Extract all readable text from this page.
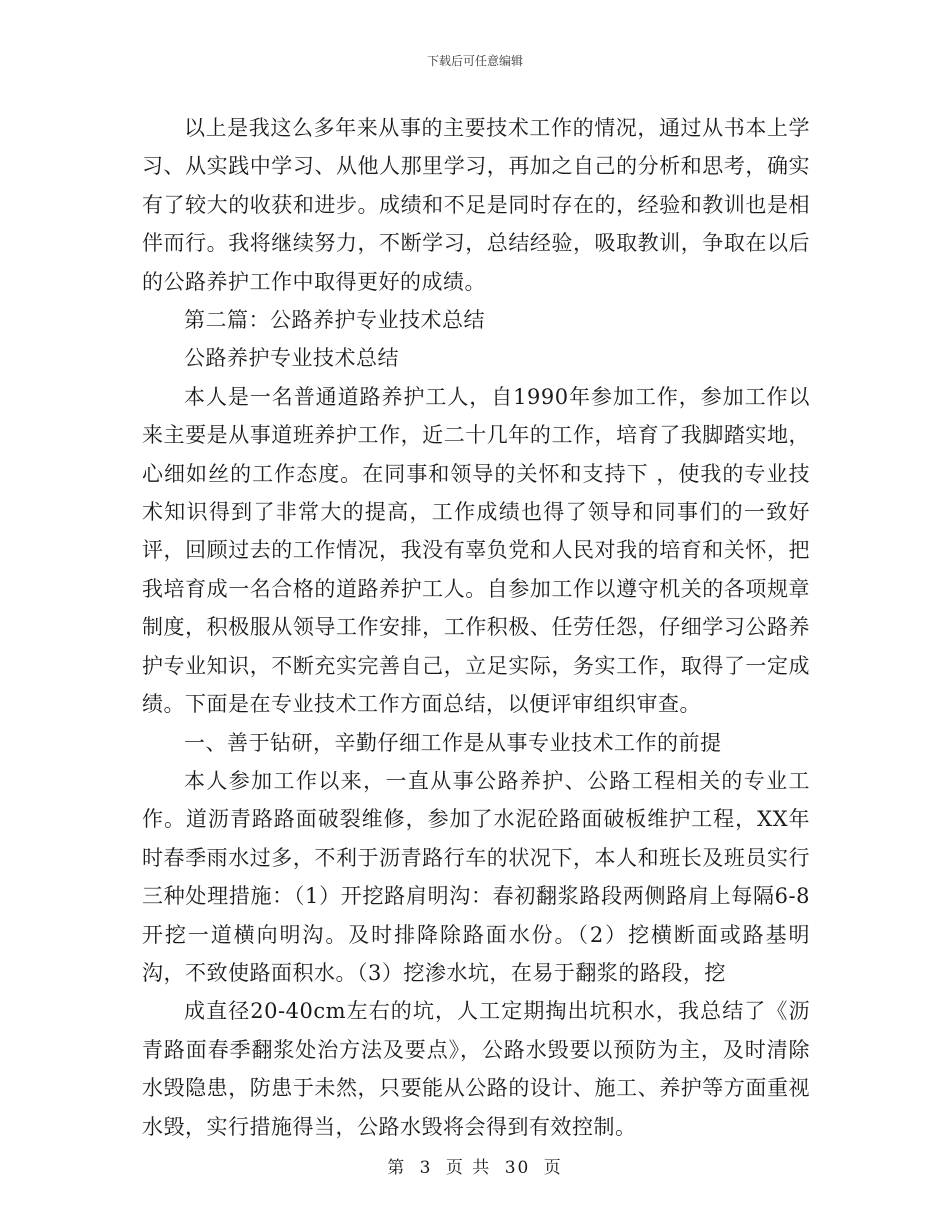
下载后可任意编辑

以上是我这么多年来从事的主要技术工作的情况，通过从书本上学习、从实践中学习、从他人那里学习，再加之自己的分析和思考，确实有了较大的收获和进步。成绩和不足是同时存在的，经验和教训也是相伴而行。我将继续努力，不断学习，总结经验，吸取教训，争取在以后的公路养护工作中取得更好的成绩。

第二篇：公路养护专业技术总结

公路养护专业技术总结

本人是一名普通道路养护工人，自1990年参加工作，参加工作以来主要是从事道班养护工作，近二十几年的工作，培育了我脚踏实地，心细如丝的工作态度。在同事和领导的关怀和支持下 ，使我的专业技术知识得到了非常大的提高，工作成绩也得了领导和同事们的一致好评，回顾过去的工作情况，我没有辜负党和人民对我的培育和关怀，把我培育成一名合格的道路养护工人。自参加工作以遵守机关的各项规章制度，积极服从领导工作安排，工作积极、任劳任怨，仔细学习公路养护专业知识，不断充实完善自己，立足实际，务实工作，取得了一定成绩。下面是在专业技术工作方面总结，以便评审组织审查。

一、善于钻研，辛勤仔细工作是从事专业技术工作的前提

本人参加工作以来，一直从事公路养护、公路工程相关的专业工作。道沥青路路面破裂维修，参加了水泥砼路面破板维护工程，XX年时春季雨水过多，不利于沥青路行车的状况下，本人和班长及班员实行三种处理措施：（1）开挖路肩明沟：春初翻浆路段两侧路肩上每隔6-8开挖一道横向明沟。及时排降除路面水份。（2）挖横断面或路基明沟，不致使路面积水。（3）挖渗水坑，在易于翻浆的路段，挖

成直径20-40cm左右的坑，人工定期掏出坑积水，我总结了《沥青路面春季翻浆处治方法及要点》，公路水毁要以预防为主，及时清除水毁隐患，防患于未然，只要能从公路的设计、施工、养护等方面重视水毁，实行措施得当，公路水毁将会得到有效控制。

第 3 页 共 30 页
